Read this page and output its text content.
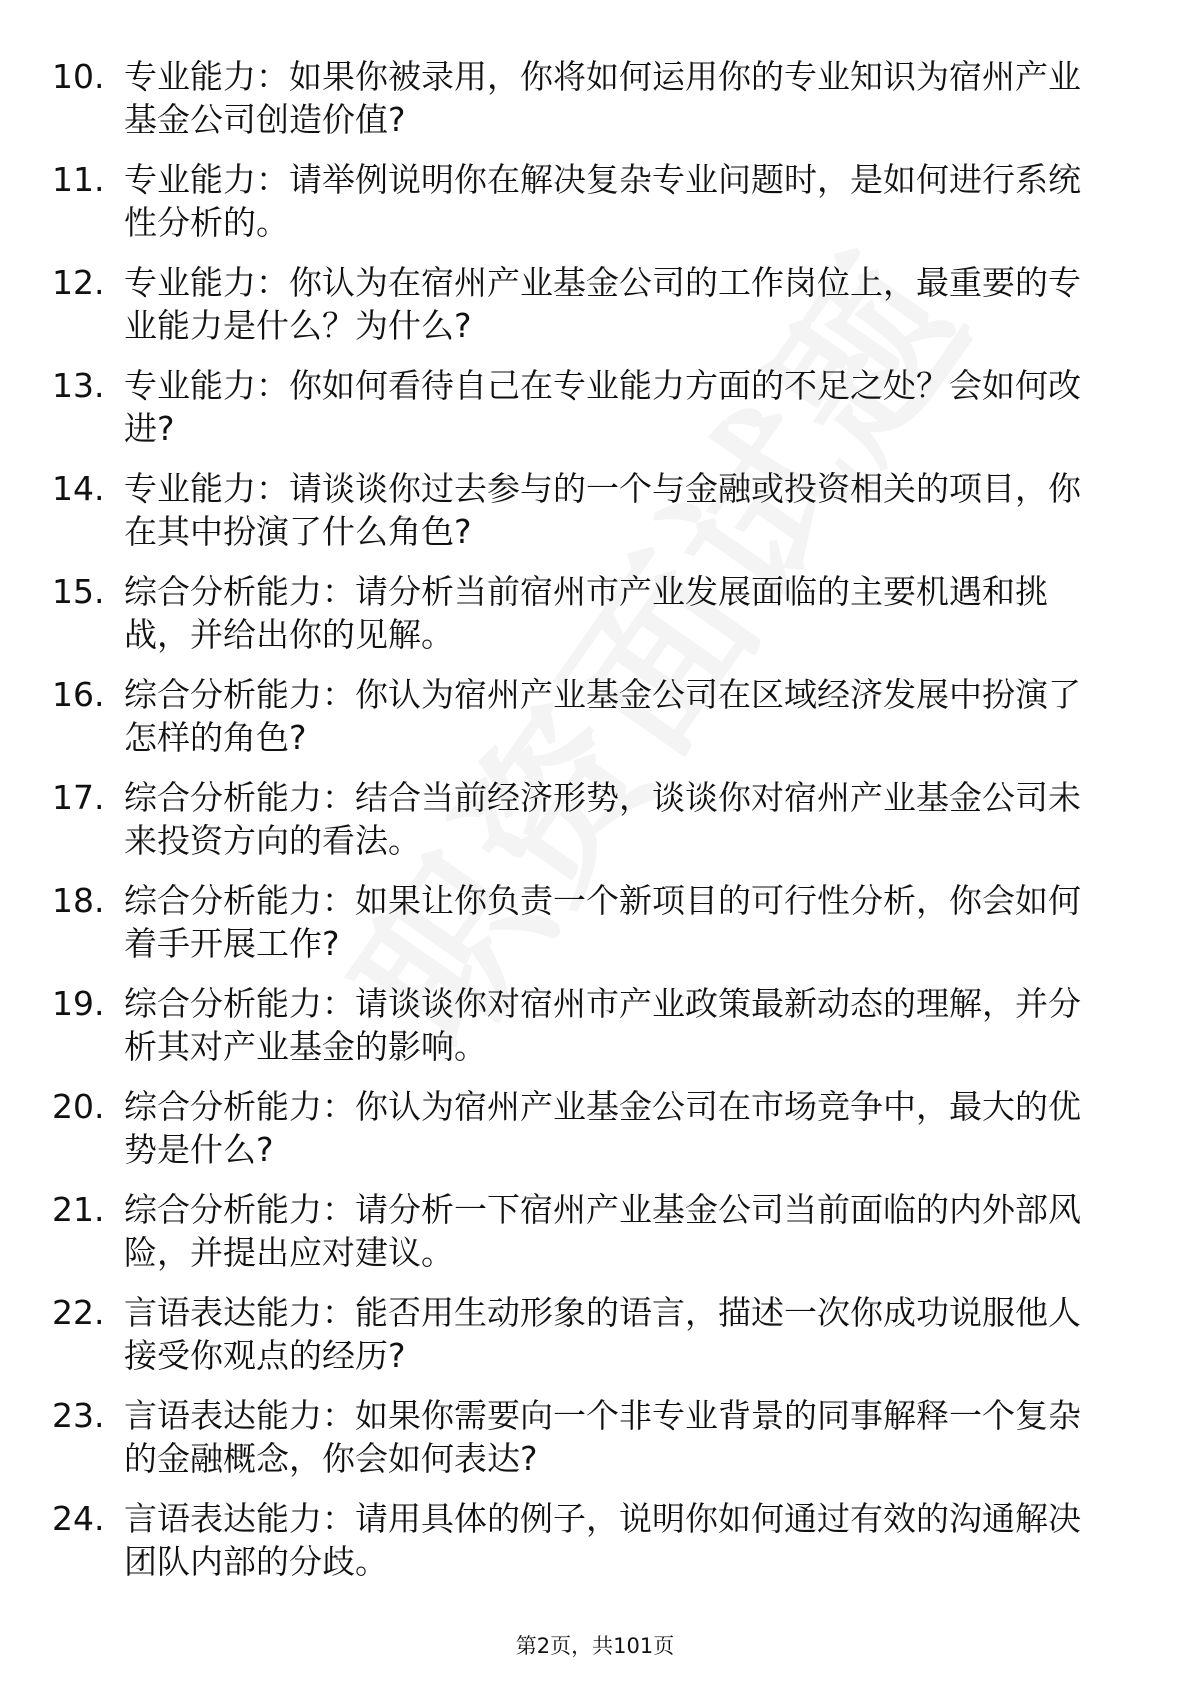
10. 专业能力：如果你被录用，你将如何运用你的专业知识为宿州产业基金公司创造价值?
11. 专业能力：请举例说明你在解决复杂专业问题时，是如何进行系统性分析的。
12. 专业能力：你认为在宿州产业基金公司的工作岗位上，最重要的专业能力是什么？为什么?
13. 专业能力：你如何看待自己在专业能力方面的不足之处？会如何改进?
14. 专业能力：请谈谈你过去参与的一个与金融或投资相关的项目，你在其中扮演了什么角色?
15. 综合分析能力：请分析当前宿州市产业发展面临的主要机遇和挑战，并给出你的见解。
16. 综合分析能力：你认为宿州产业基金公司在区域经济发展中扮演了怎样的角色?
17. 综合分析能力：结合当前经济形势，谈谈你对宿州产业基金公司未来投资方向的看法。
18. 综合分析能力：如果让你负责一个新项目的可行性分析，你会如何着手开展工作?
19. 综合分析能力：请谈谈你对宿州市产业政策最新动态的理解，并分析其对产业基金的影响。
20. 综合分析能力：你认为宿州产业基金公司在市场竞争中，最大的优势是什么?
21. 综合分析能力：请分析一下宿州产业基金公司当前面临的内外部风险，并提出应对建议。
22. 言语表达能力：能否用生动形象的语言，描述一次你成功说服他人接受你观点的经历?
23. 言语表达能力：如果你需要向一个非专业背景的同事解释一个复杂的金融概念，你会如何表达?
24. 言语表达能力：请用具体的例子，说明你如何通过有效的沟通解决团队内部的分歧。
第2页，共101页
